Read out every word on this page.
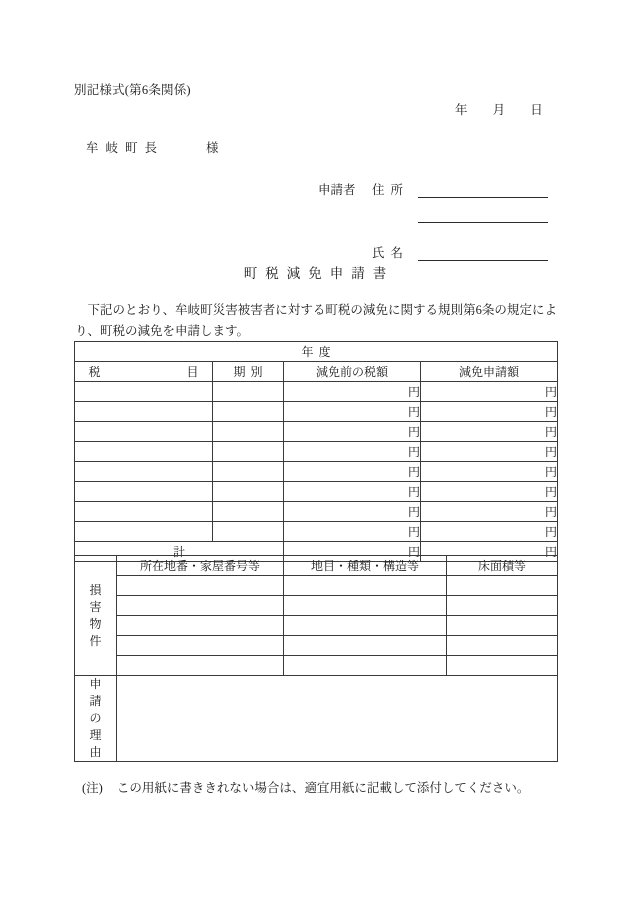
別記様式(第6条関係)
年 月 日
牟岐町長	様
申請者	住所
氏名
町税減免申請書
下記のとおり、牟岐町災害被害者に対する町税の減免に関する規則第6条の規定により、町税の減免を申請します。
年度			
税 目	期別	減免前の税額	減免申請額
		円	円
		円	円
		円	円
		円	円
		円	円
		円	円
		円	円
		円	円
計		円	円
損
害
物
件	所在地番・家屋番号等	地目・種類・構造等	床面積等

申
請
の
理
由

(注) この用紙に書ききれない場合は、適宜用紙に記載して添付してください。
